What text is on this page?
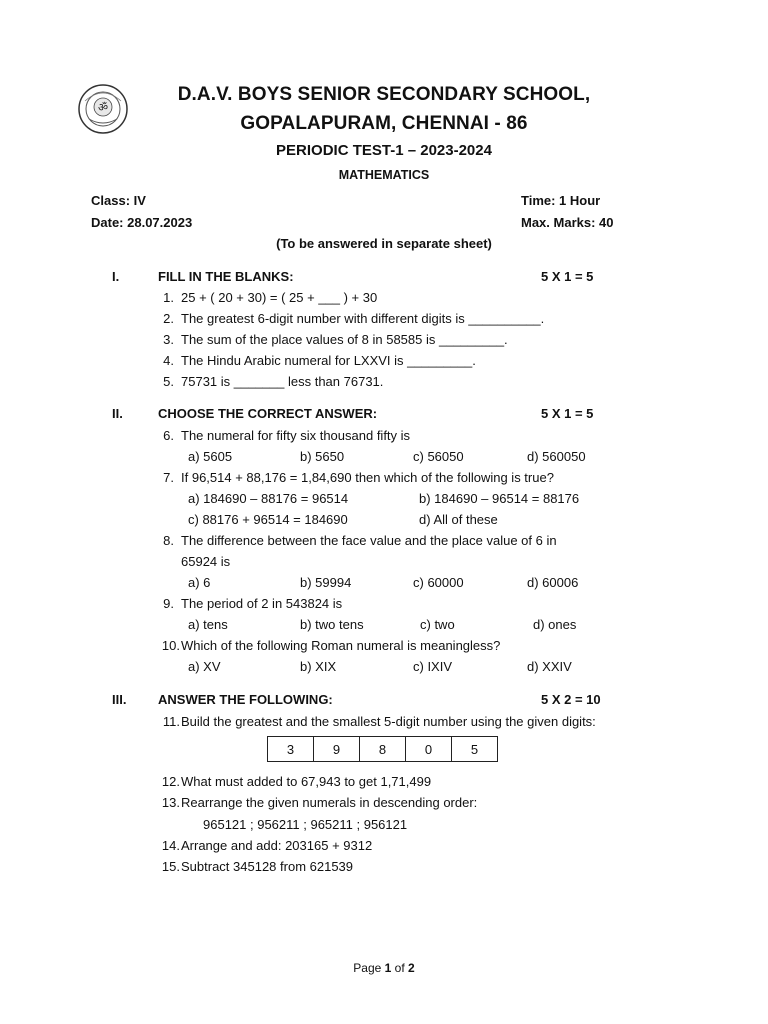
ॐ
D.A.V. BOYS SENIOR SECONDARY SCHOOL,
GOPALAPURAM, CHENNAI - 86
PERIODIC TEST-1 – 2023-2024
MATHEMATICS
Class: IV	Time: 1 Hour
Date: 28.07.2023	Max. Marks: 40
(To be answered in separate sheet)
I.	FILL IN THE BLANKS:	5 X 1 = 5
1. 25 + ( 20 + 30) = ( 25 + ___ ) + 30
2. The greatest 6-digit number with different digits is __________.
3. The sum of the place values of 8 in 58585 is _________.
4. The Hindu Arabic numeral for LXXVI is _________.
5. 75731 is _______ less than 76731.
II.	CHOOSE THE CORRECT ANSWER:	5 X 1 = 5
6. The numeral for fifty six thousand fifty is
a) 5605	b) 5650	c) 56050	d) 560050
7. If 96,514 + 88,176 = 1,84,690 then which of the following is true?
a) 184690 – 88176 = 96514	b) 184690 – 96514 = 88176
c) 88176 + 96514 = 184690	d) All of these
8. The difference between the face value and the place value of 6 in
65924 is
a) 6	b) 59994	c) 60000	d) 60006
9. The period of 2 in 543824 is
a) tens	b) two tens	c) two	d) ones
10. Which of the following Roman numeral is meaningless?
a) XV	b) XIX	c) IXIV	d) XXIV
III. ANSWER THE FOLLOWING:	5 X 2 = 10
11. Build the greatest and the smallest 5-digit number using the given digits:
3	9	8	0	5
12. What must added to 67,943 to get 1,71,499
13. Rearrange the given numerals in descending order:
965121 ; 956211 ; 965211 ; 956121
14. Arrange and add: 203165 + 9312
15. Subtract 345128 from 621539
Page 1 of 2
